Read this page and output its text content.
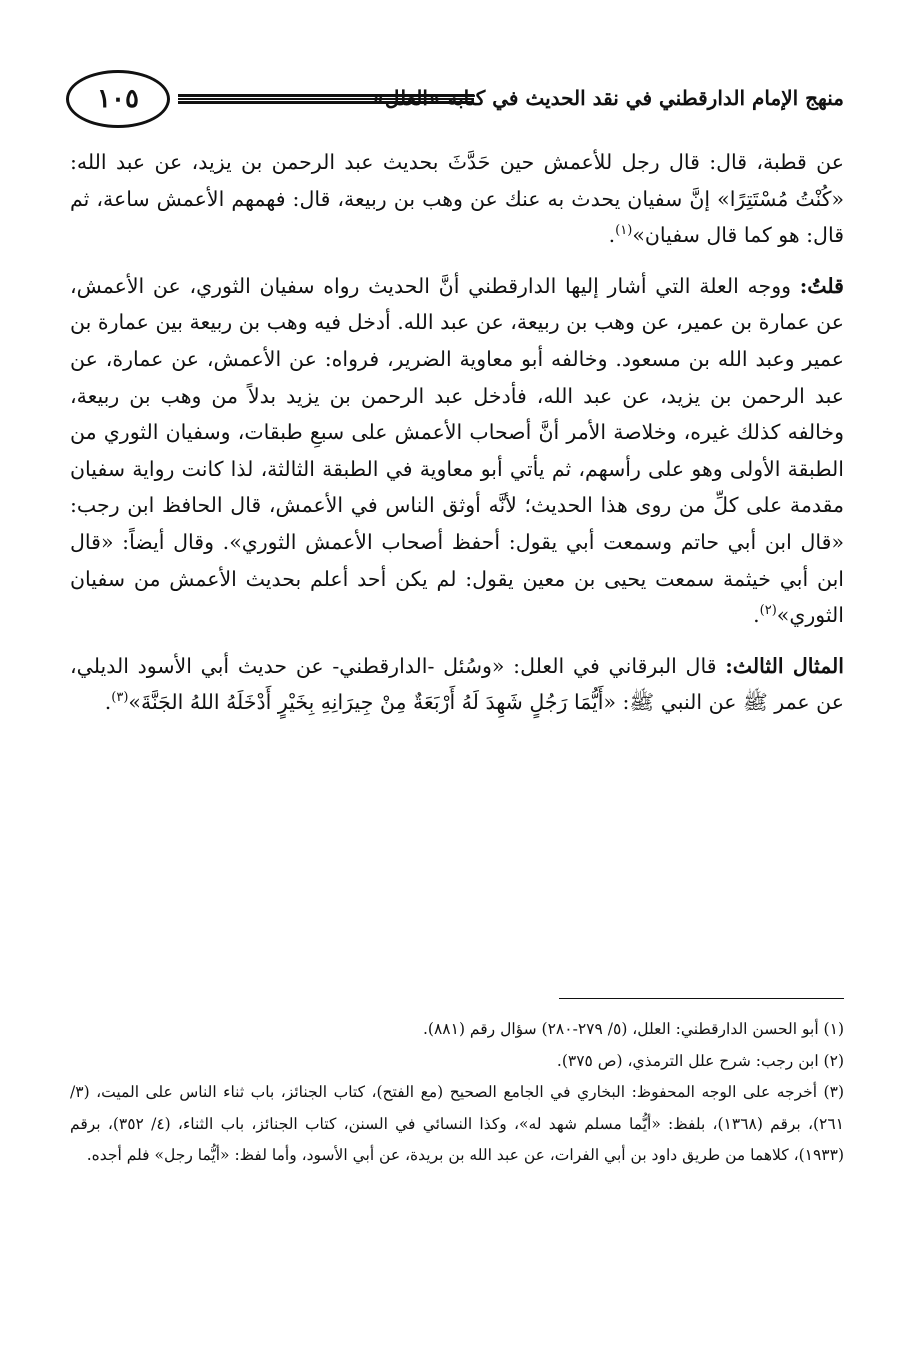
١٠٥	منهج الإمام الدارقطني في نقد الحديث في كتابه «العلل»

عن قطبة، قال: قال رجل للأعمش حين حَدَّثَ بحديث عبد الرحمن بن يزيد، عن عبد الله: «كُنْتُ مُسْتَتِرًا» إنَّ سفيان يحدث به عنك عن وهب بن ربيعة، قال: فهمهم الأعمش ساعة، ثم قال: هو كما قال سفيان»$^{(١)}$.

قلتُ: ووجه العلة التي أشار إليها الدارقطني أنَّ الحديث رواه سفيان الثوري، عن الأعمش، عن عمارة بن عمير، عن وهب بن ربيعة، عن عبد الله. أدخل فيه وهب بن ربيعة بين عمارة بن عمير وعبد الله بن مسعود. وخالفه أبو معاوية الضرير، فرواه: عن الأعمش، عن عمارة، عن عبد الرحمن بن يزيد، عن عبد الله، فأدخل عبد الرحمن بن يزيد بدلاً من وهب بن ربيعة، وخالفه كذلك غيره، وخلاصة الأمر أنَّ أصحاب الأعمش على سبعِ طبقات، وسفيان الثوري من الطبقة الأولى وهو على رأسهم، ثم يأتي أبو معاوية في الطبقة الثالثة، لذا كانت رواية سفيان مقدمة على كلِّ من روى هذا الحديث؛ لأنَّه أوثق الناس في الأعمش، قال الحافظ ابن رجب: «قال ابن أبي حاتم وسمعت أبي يقول: أحفظ أصحاب الأعمش الثوري». وقال أيضاً: «قال ابن أبي خيثمة سمعت يحيى بن معين يقول: لم يكن أحد أعلم بحديث الأعمش من سفيان الثوري»$^{(٢)}$.

المثال الثالث: قال البرقاني في العلل: «وسُئل -الدارقطني- عن حديث أبي الأسود الديلي، عن عمر ﷺ عن النبي ﷺ: «أَيُّمَا رَجُلٍ شَهِدَ لَهُ أَرْبَعَةٌ مِنْ جِيرَانِهِ بِخَيْرٍ أَدْخَلَهُ اللهُ الجَنَّةَ»$^{(٣)}$.

(١) أبو الحسن الدارقطني: العلل، (٥/ ٢٧٩-٢٨٠) سؤال رقم (٨٨١).

(٢) ابن رجب: شرح علل الترمذي، (ص ٣٧٥).

(٣) أخرجه على الوجه المحفوظ: البخاري في الجامع الصحيح (مع الفتح)، كتاب الجنائز، باب ثناء الناس على الميت، (٣/ ٢٦١)، برقم (١٣٦٨)، بلفظ: «أيُّما مسلم شهد له»، وكذا النسائي في السنن، كتاب الجنائز، باب الثناء، (٤/ ٣٥٢)، برقم (١٩٣٣)، كلاهما من طريق داود بن أبي الفرات، عن عبد الله بن بريدة، عن أبي الأسود، وأما لفظ: «أيُّما رجل» فلم أجده.
